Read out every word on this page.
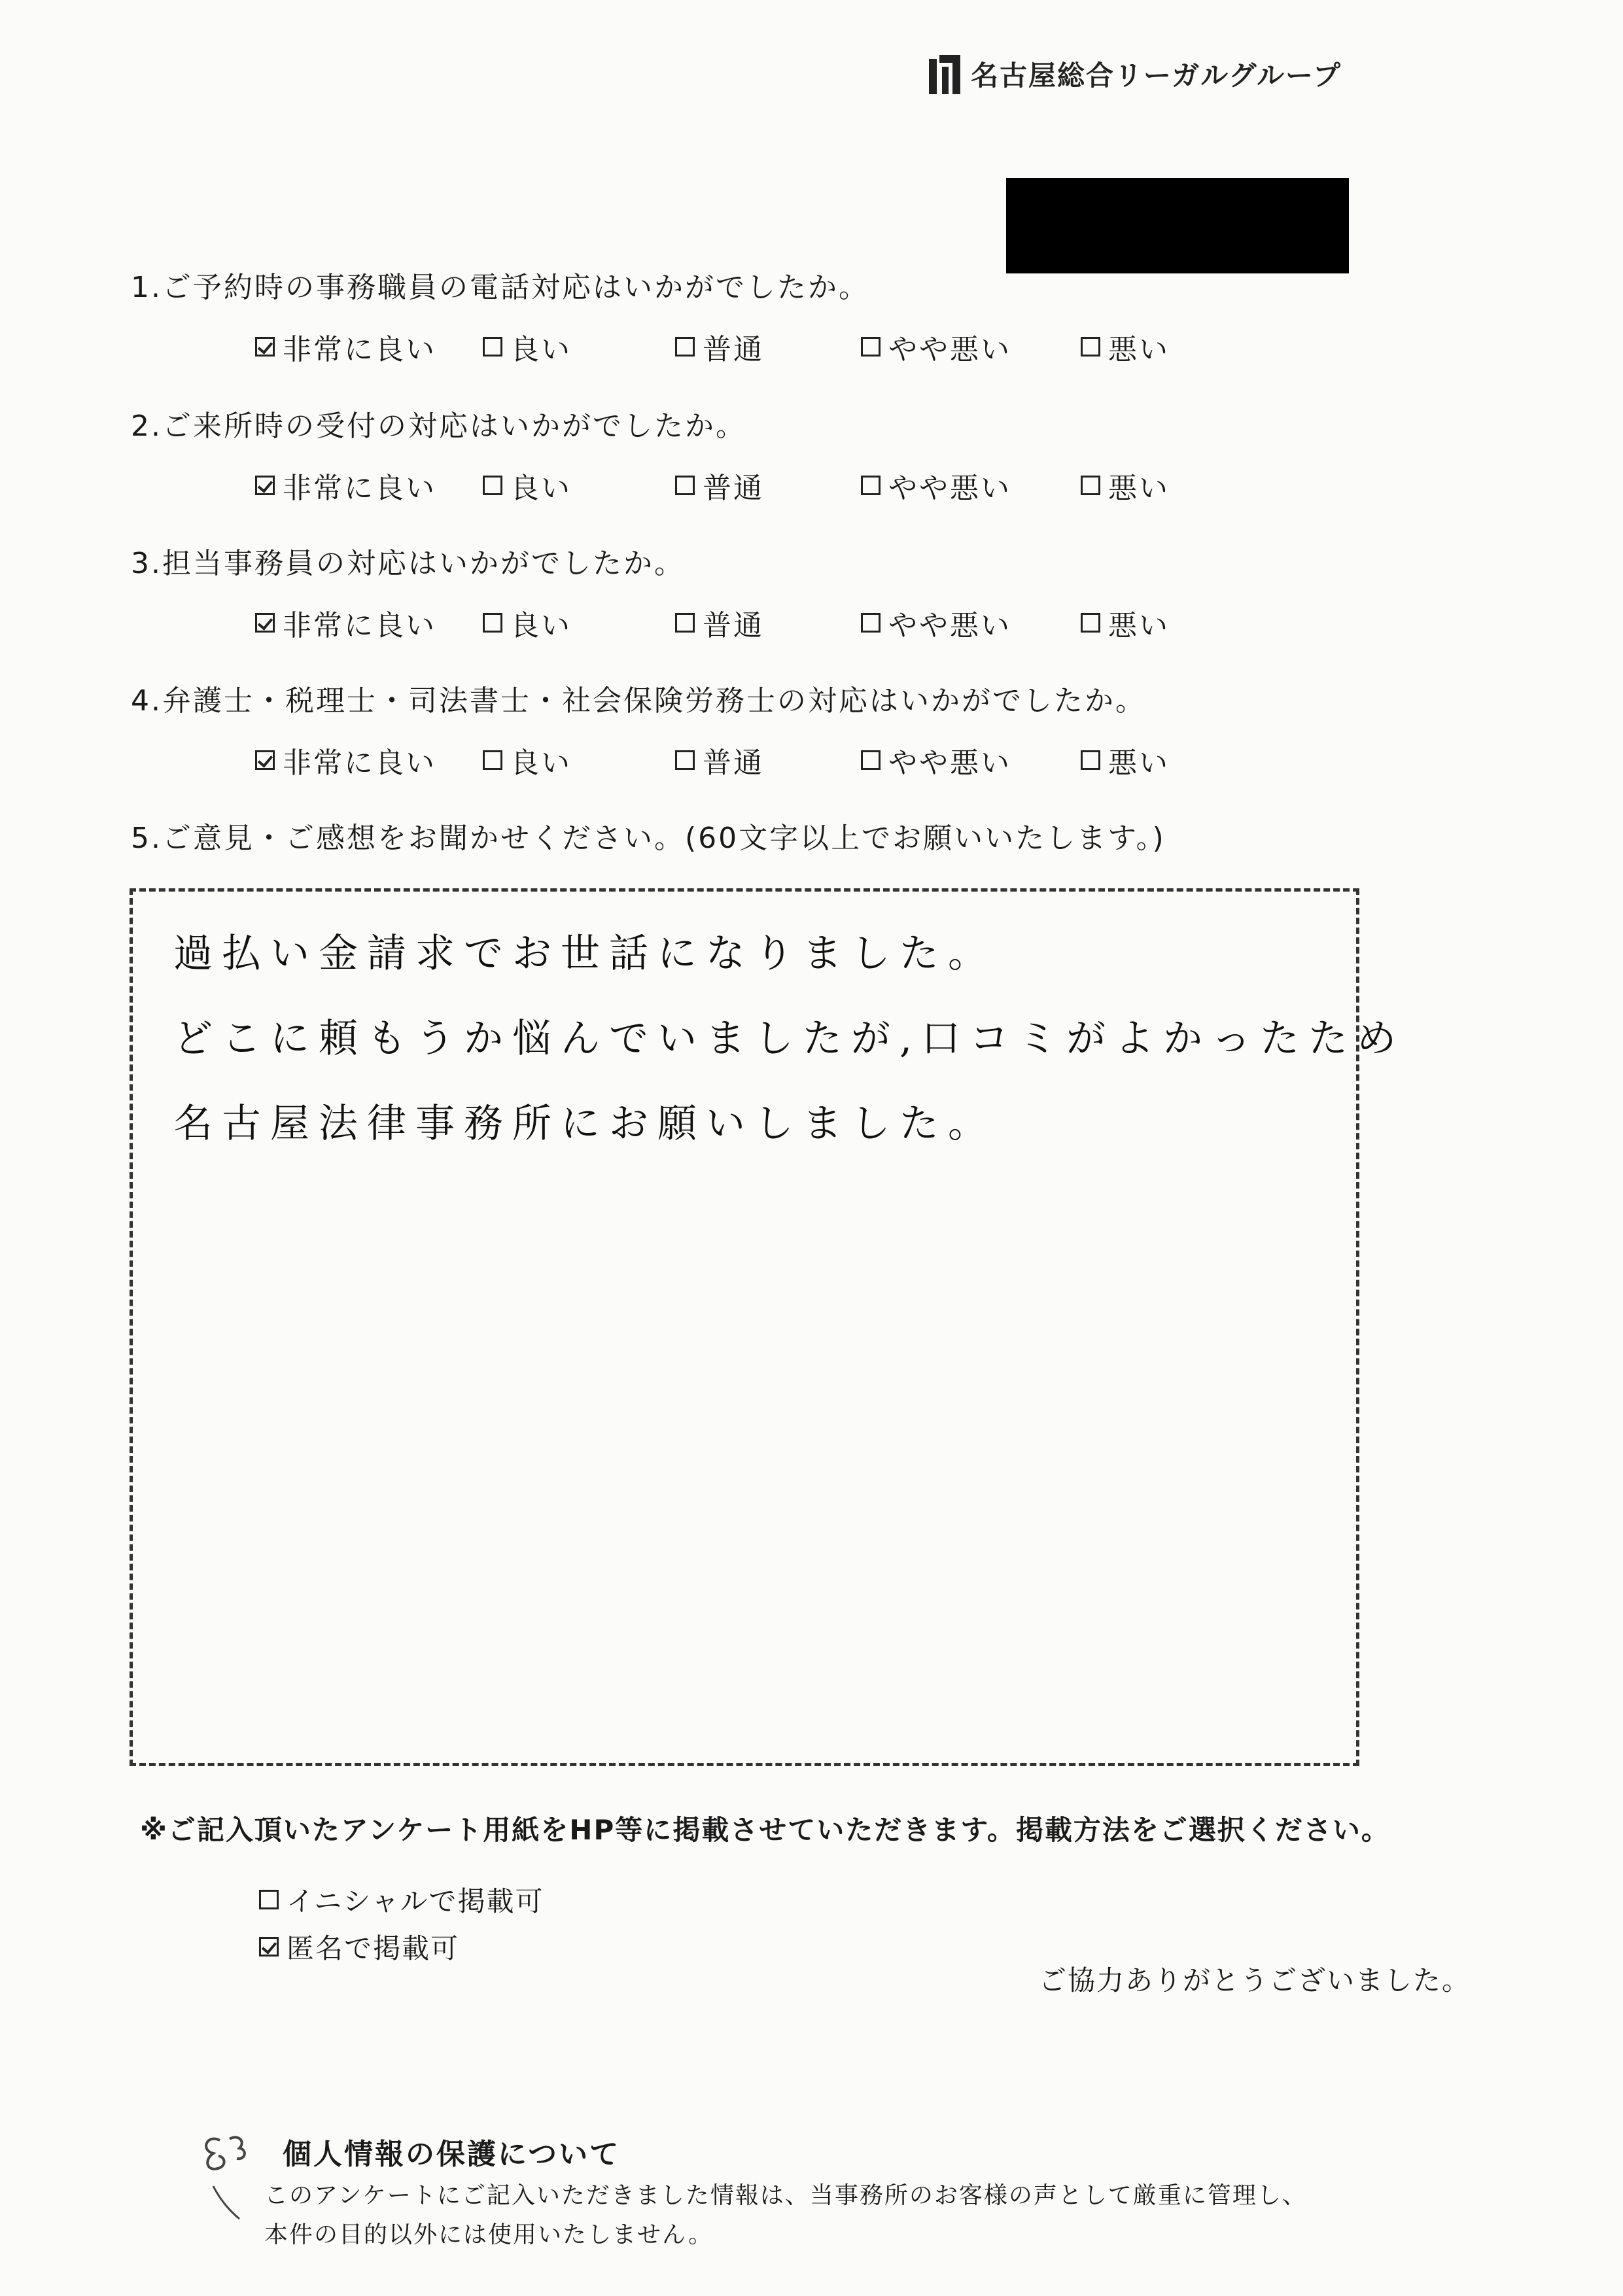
名古屋総合リーガルグループ
1.ご予約時の事務職員の電話対応はいかがでしたか。
非常に良い	良い	普通	やや悪い	悪い
2.ご来所時の受付の対応はいかがでしたか。
非常に良い	良い	普通	やや悪い	悪い
3.担当事務員の対応はいかがでしたか。
非常に良い	良い	普通	やや悪い	悪い
4.弁護士・税理士・司法書士・社会保険労務士の対応はいかがでしたか。
非常に良い	良い	普通	やや悪い	悪い
5.ご意見・ご感想をお聞かせください。(60文字以上でお願いいたします。)
過払い金請求でお世話になりました。
どこに頼もうか悩んでいましたが,口コミがよかったため
名古屋法律事務所にお願いしました。
※ご記入頂いたアンケート用紙をHP等に掲載させていただきます。掲載方法をご選択ください。
イニシャルで掲載可
匿名で掲載可
ご協力ありがとうございました。
個人情報の保護について
このアンケートにご記入いただきました情報は、当事務所のお客様の声として厳重に管理し、
本件の目的以外には使用いたしません。
